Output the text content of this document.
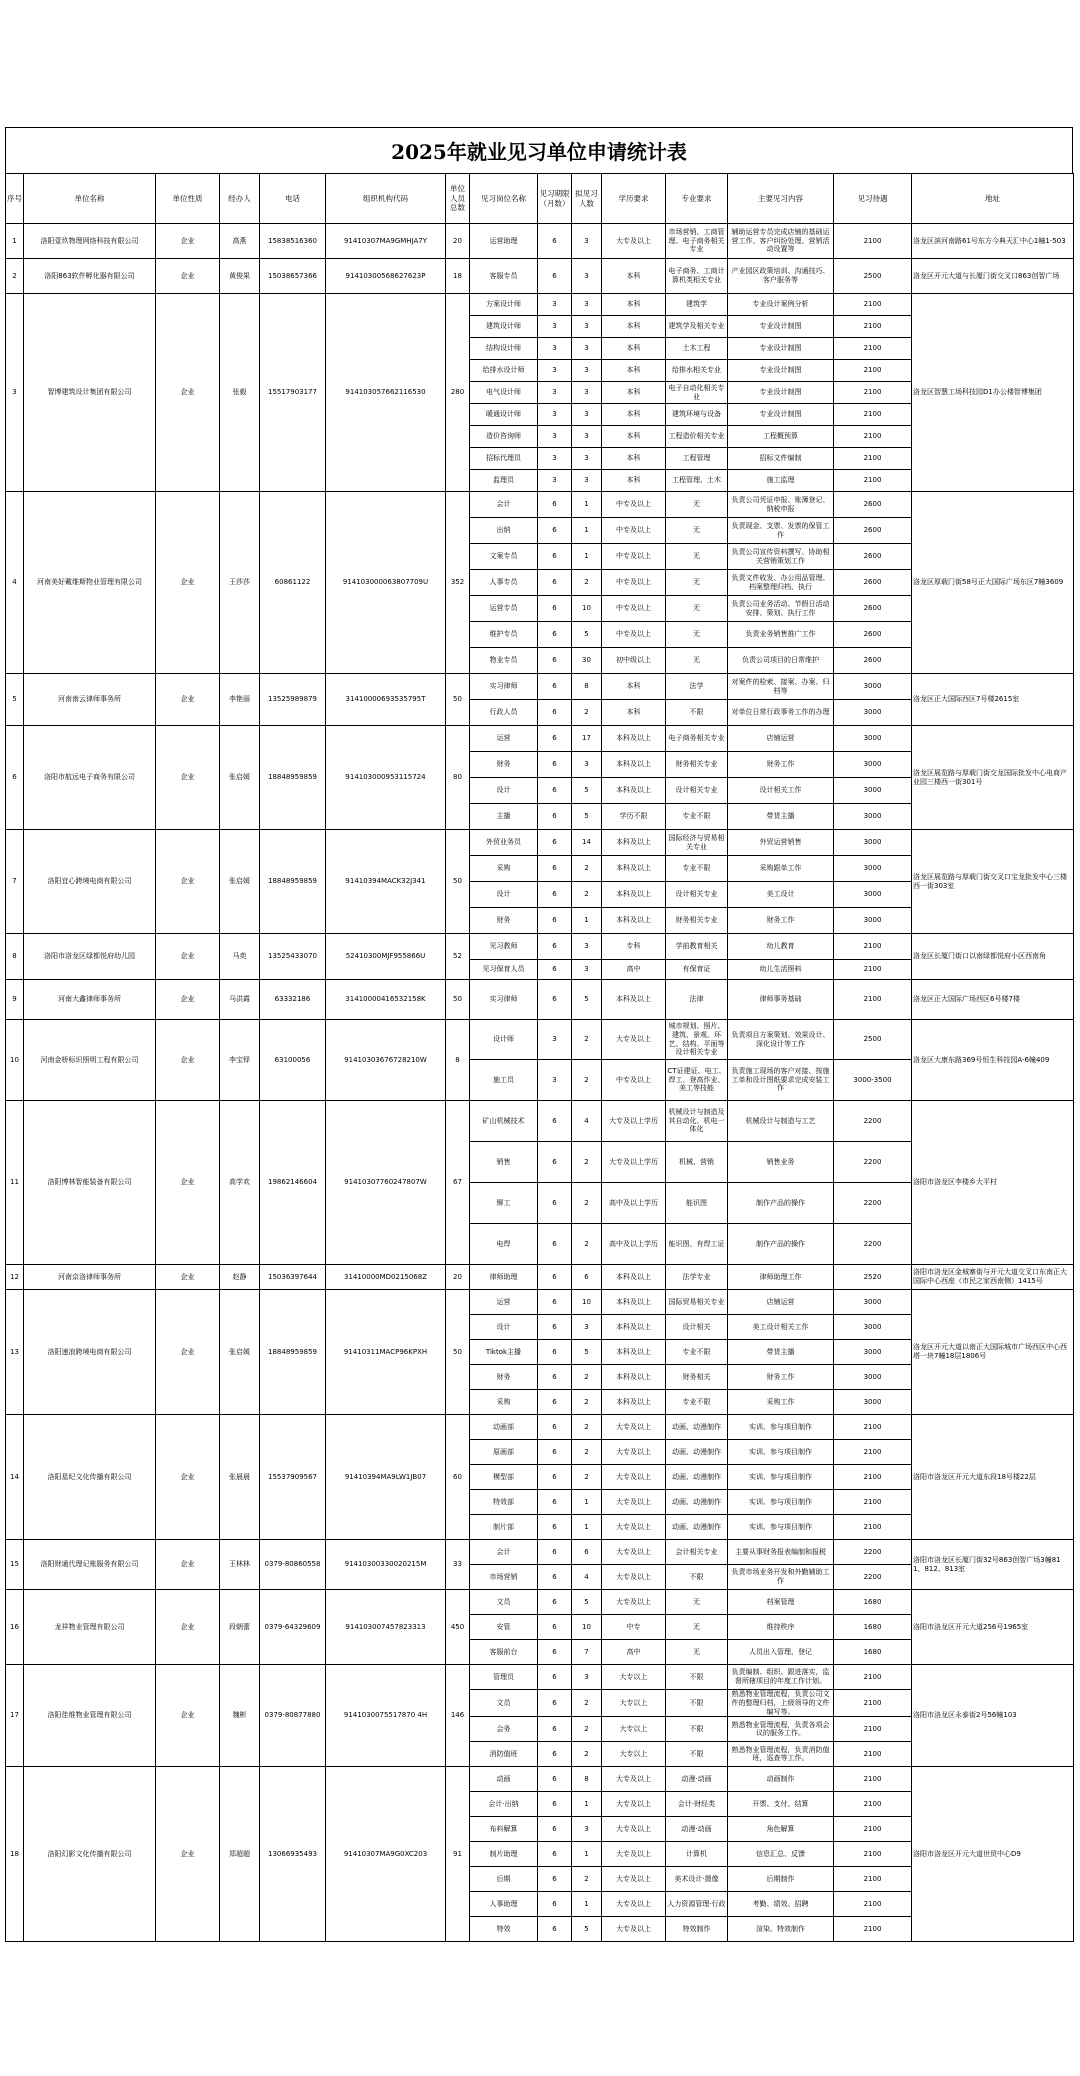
2025年就业见习单位申请统计表
序号	单位名称	单位性质	经办人	电话	组织机构代码	单位人员总数	见习岗位名称	见习期限（月数）	拟见习人数	学历要求	专业要求	主要见习内容	见习待遇	地址
1	洛阳壹玖物理网络科技有限公司	企业	高燕	15838516360	91410307MA9GMHJA7Y	20	运营助理	6	3	大专及以上	市场营销、工商管理、电子商务相关专业	辅助运营专员完成店铺的基础运营工作、客户纠纷处理、营销活动设置等	2100	洛龙区滨河南路61号东方今典天汇中心1幢1-503
2	洛阳863软件孵化器有限公司	企业	黄俊果	15038657366	91410300568627623P	18	客服专员	6	3	本科	电子商务、工商计算机类相关专业	产业园区政策培训、沟通技巧、客户服务等	2500	洛龙区开元大道与长厦门街交叉口863创智广场
3	智博建筑设计集团有限公司	企业	张毅	15517903177	914103057662116530	280	方案设计师	3	3	本科	建筑学	专业设计案例分析	2100	洛龙区智慧工场科技园D1办公楼智博集团
							建筑设计师	3	3	本科	建筑学及相关专业	专业设计制图	2100	
							结构设计师	3	3	本科	土木工程	专业设计制图	2100	
							给排水设计师	3	3	本科	给排水相关专业	专业设计制图	2100	
							电气设计师	3	3	本科	电子自动化相关专业	专业设计制图	2100	
							暖通设计师	3	3	本科	建筑环境与设备	专业设计制图	2100	
							造价咨询师	3	3	本科	工程造价相关专业	工程概预算	2100	
							招标代理员	3	3	本科	工程管理	招标文件编制	2100	
							监理员	3	3	本科	工程管理、土木	施工监理	2100	
4	河南美好戴维斯物业管理有限公司	企业	王莎莎	60861122	914103000063807709U	352	会计	6	1	中专及以上	无	负责公司凭证申报、账簿登记、纳税申报	2600	洛龙区厚载门街58号正大国际广场东区7幢3609
							出纳	6	1	中专及以上	无	负责现金、支票、发票的保管工作	2600	
							文案专员	6	1	中专及以上	无	负责公司宣传资料撰写、协助相关营销策划工作	2600	
							人事专员	6	2	中专及以上	无	负责文件收发、办公用品管理、档案整理归档、执行	2600	
							运营专员	6	10	中专及以上	无	负责公司业务活动、节假日活动安排、策划、执行工作	2600	
							维护专员	6	5	中专及以上	无	负责业务销售推广工作	2600	
							物业专员	6	30	初中级以上	无	负责公司项目的日常维护	2600	
5	河南南云律师事务所	企业	李艳丽	13525989879	31410000693535795T	50	实习律师	6	8	本科	法学	对案件的检索、接案、办案、归档等	3000	洛龙区正大国际西区7号楼2615室
							行政人员	6	2	本科	不限	对单位日常行政事务工作的办理	3000	
6	洛阳市航远电子商务有限公司	企业	张启媛	18848959859	914103000953115724	80	运营	6	17	本科及以上	电子商务相关专业	店铺运营	3000	洛龙区展览路与厚载门街交龙国际批发中心电商产业园三楼西一街301号
							财务	6	3	本科及以上	财务相关专业	财务工作	3000	
							设计	6	5	本科及以上	设计相关专业	设计相关工作	3000	
							主播	6	5	学历不限	专业不限	带货主播	3000	
7	洛阳宜心跨境电商有限公司	企业	张启媛	18848959859	91410394MACK32J341	50	外贸业务员	6	14	本科及以上	国际经济与贸易相关专业	外贸运营销售	3000	洛龙区展览路与厚载门街交叉口宝龙批发中心三楼西一街303室
							采购	6	2	本科及以上	专业不限	采购跟单工作	3000	
							设计	6	2	本科及以上	设计相关专业	美工设计	3000	
							财务	6	1	本科及以上	财务相关专业	财务工作	3000	
8	洛阳市洛龙区绿都悦府幼儿园	企业	马奕	13525433070	52410300MJF955866U	52	见习教师	6	3	专科	学前教育相关	幼儿教育	2100	洛龙区长厦门街口以南绿都悦府小区西南角
							见习保育人员	6	3	高中	有保育证	幼儿生活照料	2100	
9	河南大鑫律师事务所	企业	马洪霞	63332186	31410000416532158K	50	实习律师	6	5	本科及以上	法律	律师事务基础	2100	洛龙区正大国际广场西区6号楼7楼
10	河南金桥标识照明工程有限公司	企业	李宝铎	63100056	91410303676728210W	8	设计师	3	2	大专及以上	城市规划、照片、建筑、景观、环艺、结构、平面等设计相关专业	负责项目方案策划、效果设计、深化设计等工作	2500	洛龙区大康东路369号恒生科技园A-6幢409
							施工员	3	2	中专及以上	CT证建证、电工、焊工、登高作业、美工等技能	负责施工现场的客户对接、按施工单和设计图纸要求完成安装工作	3000-3500	
11	洛阳博林智能装备有限公司	企业	高学欢	19862146604	91410307760247807W	67	矿山机械技术	6	4	大专及以上学历	机械设计与制造及其自动化、机电一体化	机械设计与制造与工艺	2200	洛阳市洛龙区李楼乡大平村
							销售	6	2	大专及以上学历	机械、营销	销售业务	2200	
							铆工	6	2	高中及以上学历	能识图	制作产品的操作	2200	
							电焊	6	2	高中及以上学历	能识图、有焊工证	制作产品的操作	2200	
12	河南京洛律师事务所	企业	赵静	15036397644	31410000MD0215068Z	20	律师助理	6	6	本科及以上	法学专业	律师助理工作	2520	洛阳市洛龙区金城寨街与开元大道交叉口东南正大国际中心西座（市民之家西南侧）1415号
13	洛阳速浪跨境电商有限公司	企业	张启媛	18848959859	91410311MACP96KPXH	50	运营	6	10	本科及以上	国际贸易相关专业	店铺运营	3000	洛龙区开元大道以南正大国际城市广场西区中心西塔一块7幢18层1806号
							设计	6	3	本科及以上	设计相关	美工设计相关工作	3000	
							Tiktok主播	6	5	本科及以上	专业不限	带货主播	3000	
							财务	6	2	本科及以上	财务相关	财务工作	3000	
							采购	6	2	本科及以上	专业不限	采购工作	3000	
14	洛阳星纪文化传播有限公司	企业	张晨晨	15537909567	91410394MA9LW1JB07	60	动画部	6	2	大专及以上	动画、动漫制作	实训、参与项目制作	2100	洛阳市洛龙区开元大道东段18号楼22层
							原画部	6	2	大专及以上	动画、动漫制作	实训、参与项目制作	2100	
							模型部	6	2	大专及以上	动画、动漫制作	实训、参与项目制作	2100	
							特效部	6	1	大专及以上	动画、动漫制作	实训、参与项目制作	2100	
							制片部	6	1	大专及以上	动画、动漫制作	实训、参与项目制作	2100	
15	洛阳财通代理记账服务有限公司	企业	王林林	0379-80860558	91410300330020215M	33	会计	6	6	大专及以上	会计相关专业	主要从事财务报表编制和报税	2200	洛阳市洛龙区长厦门街32号863创智广场3幢811、812、813室
							市场营销	6	4	大专及以上	不限	负责市场业务开发和外勤辅助工作	2200	
16	龙祥物业管理有限公司	企业	段朝蕾	0379-64329609	914103007457823313	450	文员	6	5	大专及以上	无	档案管理	1680	洛阳市洛龙区开元大道256号1965室
							安管	6	10	中专	无	维持秩序	1680	
							客服前台	6	7	高中	无	人员出入管理、登记	1680	
17	洛阳佳维物业管理有限公司	企业	魏彬	0379-80877880	9141030075517870 4H	146	管理员	6	3	大专以上	不限	负责编制、组织、跟进落实，监督所辖项目的年度工作计划。	2100	洛阳市洛龙区永泰街2号56幢103
							文员	6	2	大专以上	不限	熟悉物业管理流程，负责公司文件的整理归档，上级领导的文件编写等。	2100	
							会务	6	2	大专以上	不限	熟悉物业管理流程，负责各项会议的服务工作。	2100	
							消防值班	6	2	大专以上	不限	熟悉物业管理流程，负责消防值班，巡查等工作。	2100	
18	洛阳幻影文化传播有限公司	企业	郑超超	13066935493	91410307MA9G0XC203	91	动画	6	8	大专及以上	动漫·动画	动画制作	2100	洛阳市洛龙区开元大道世贸中心D9
							会计·出纳	6	1	大专及以上	会计·财经类	开票、支付、结算	2100	
							布料解算	6	3	大专及以上	动漫·动画	角色解算	2100	
							制片助理	6	1	大专及以上	计算机	信息汇总、反馈	2100	
							后期	6	2	大专及以上	美术设计·摄像	后期制作	2100	
							人事助理	6	1	大专及以上	人力资源管理·行政	考勤、绩效、招聘	2100	
							特效	6	5	大专及以上	特效制作	渲染、特效制作	2100	
